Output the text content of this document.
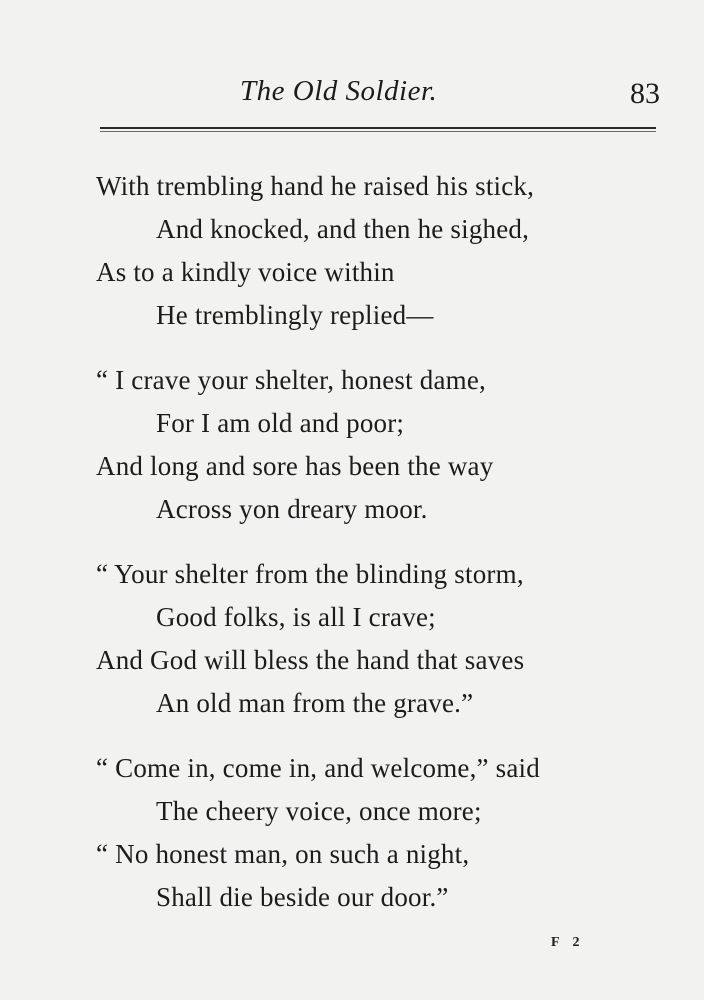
The Old Soldier.	83
With trembling hand he raised his stick,
And knocked, and then he sighed,
As to a kindly voice within
He tremblingly replied—
“ I crave your shelter, honest dame,
For I am old and poor;
And long and sore has been the way
Across yon dreary moor.
“ Your shelter from the blinding storm,
Good folks, is all I crave;
And God will bless the hand that saves
An old man from the grave.”
“ Come in, come in, and welcome,” said
The cheery voice, once more;
“ No honest man, on such a night,
Shall die beside our door.”
F 2
